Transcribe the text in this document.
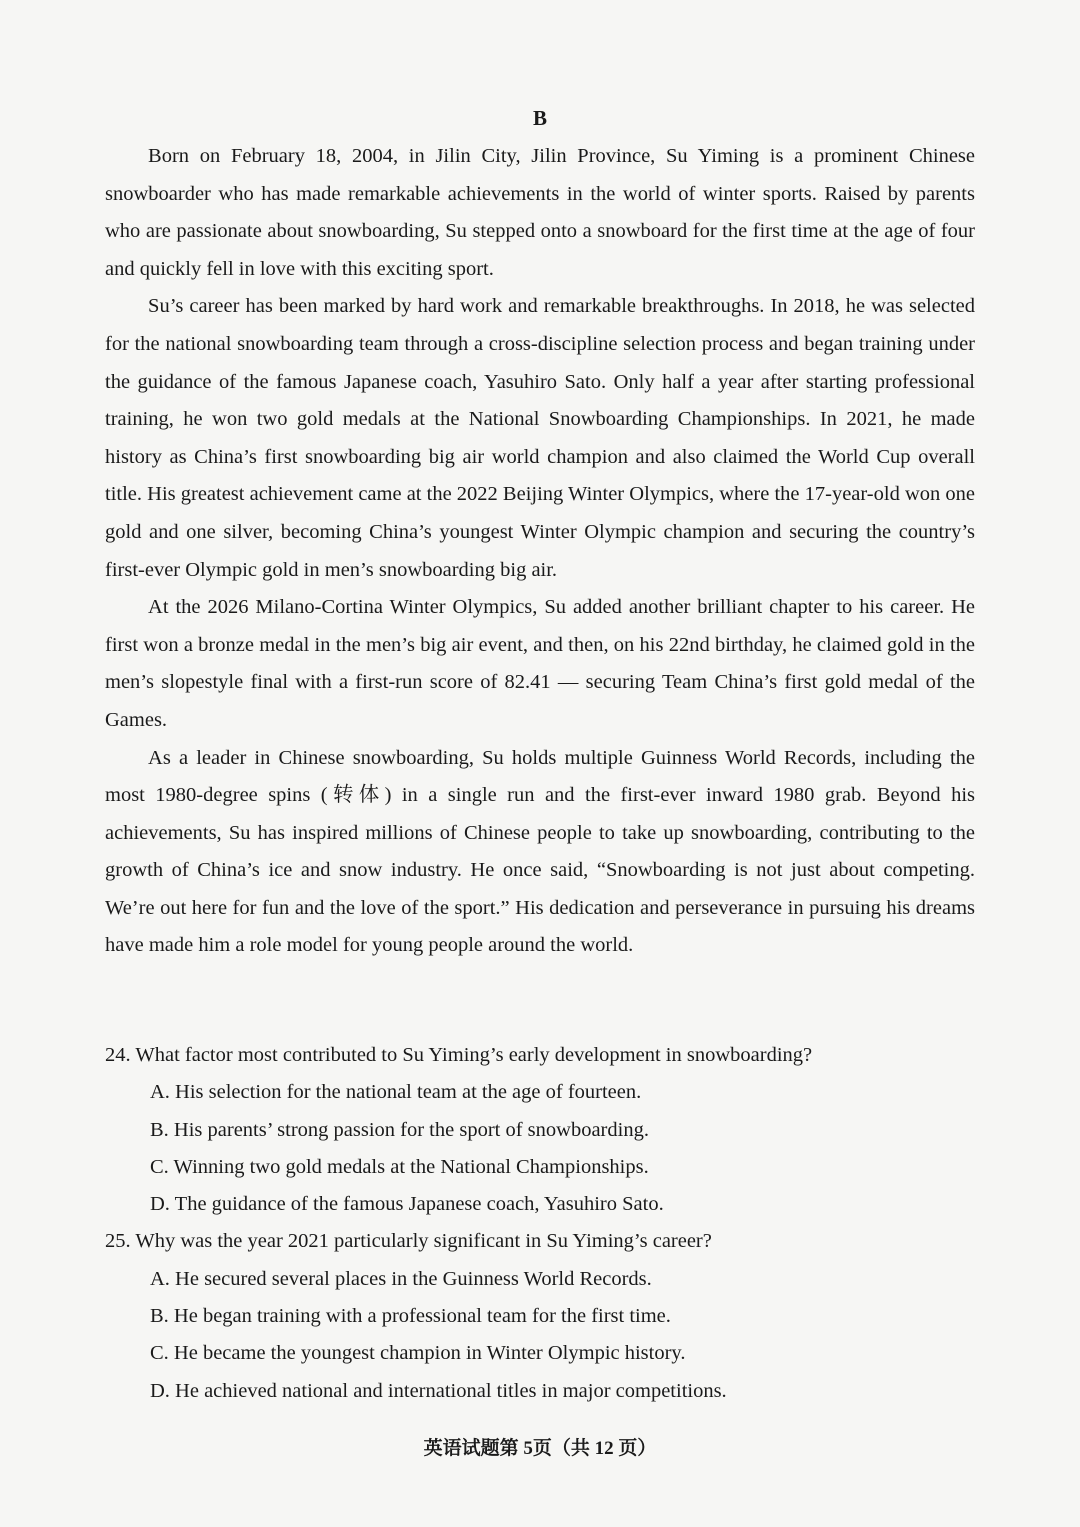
B

Born on February 18, 2004, in Jilin City, Jilin Province, Su Yiming is a prominent Chinese snowboarder who has made remarkable achievements in the world of winter sports. Raised by parents who are passionate about snowboarding, Su stepped onto a snowboard for the first time at the age of four and quickly fell in love with this exciting sport.

Su’s career has been marked by hard work and remarkable breakthroughs. In 2018, he was selected for the national snowboarding team through a cross-discipline selection process and began training under the guidance of the famous Japanese coach, Yasuhiro Sato. Only half a year after starting professional training, he won two gold medals at the National Snowboarding Championships. In 2021, he made history as China’s first snowboarding big air world champion and also claimed the World Cup overall title. His greatest achievement came at the 2022 Beijing Winter Olympics, where the 17-year-old won one gold and one silver, becoming China’s youngest Winter Olympic champion and securing the country’s first-ever Olympic gold in men’s snowboarding big air.

At the 2026 Milano-Cortina Winter Olympics, Su added another brilliant chapter to his career. He first won a bronze medal in the men’s big air event, and then, on his 22nd birthday, he claimed gold in the men’s slopestyle final with a first-run score of 82.41 — securing Team China’s first gold medal of the Games.

As a leader in Chinese snowboarding, Su holds multiple Guinness World Records, including the most 1980-degree spins (转体) in a single run and the first-ever inward 1980 grab. Beyond his achievements, Su has inspired millions of Chinese people to take up snowboarding, contributing to the growth of China’s ice and snow industry. He once said, “Snowboarding is not just about competing. We’re out here for fun and the love of the sport.” His dedication and perseverance in pursuing his dreams have made him a role model for young people around the world.

24. What factor most contributed to Su Yiming’s early development in snowboarding?

A. His selection for the national team at the age of fourteen.

B. His parents’ strong passion for the sport of snowboarding.

C. Winning two gold medals at the National Championships.

D. The guidance of the famous Japanese coach, Yasuhiro Sato.

25. Why was the year 2021 particularly significant in Su Yiming’s career?

A. He secured several places in the Guinness World Records.

B. He began training with a professional team for the first time.

C. He became the youngest champion in Winter Olympic history.

D. He achieved national and international titles in major competitions.

英语试题第 5页（共 12 页）
